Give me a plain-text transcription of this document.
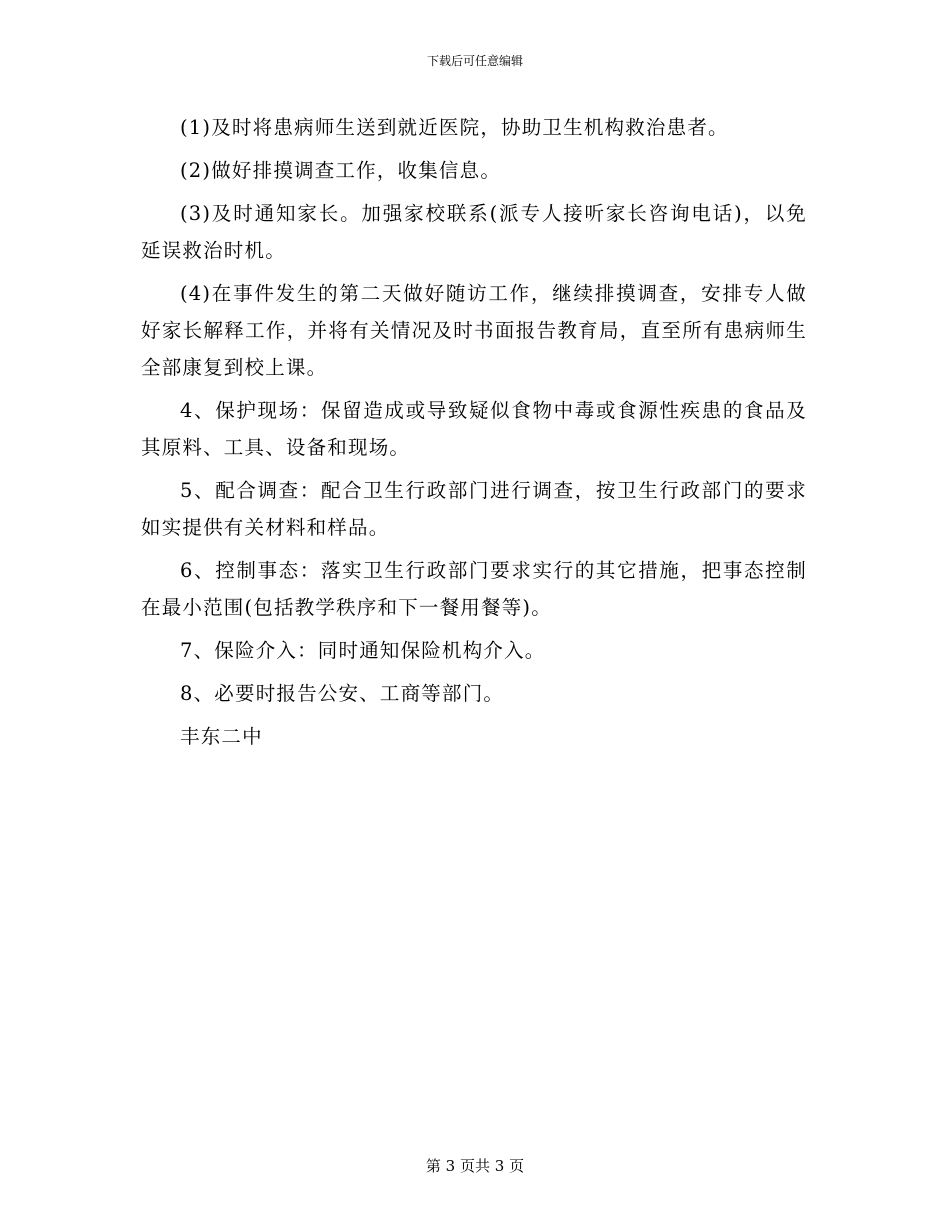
下载后可任意编辑

(1)及时将患病师生送到就近医院，协助卫生机构救治患者。

(2)做好排摸调查工作，收集信息。

(3)及时通知家长。加强家校联系(派专人接听家长咨询电话)，以免延误救治时机。

(4)在事件发生的第二天做好随访工作，继续排摸调查，安排专人做好家长解释工作，并将有关情况及时书面报告教育局，直至所有患病师生全部康复到校上课。

4、保护现场：保留造成或导致疑似食物中毒或食源性疾患的食品及其原料、工具、设备和现场。

5、配合调查：配合卫生行政部门进行调查，按卫生行政部门的要求如实提供有关材料和样品。

6、控制事态：落实卫生行政部门要求实行的其它措施，把事态控制在最小范围(包括教学秩序和下一餐用餐等)。

7、保险介入：同时通知保险机构介入。

8、必要时报告公安、工商等部门。

丰东二中

第 3 页共 3 页
